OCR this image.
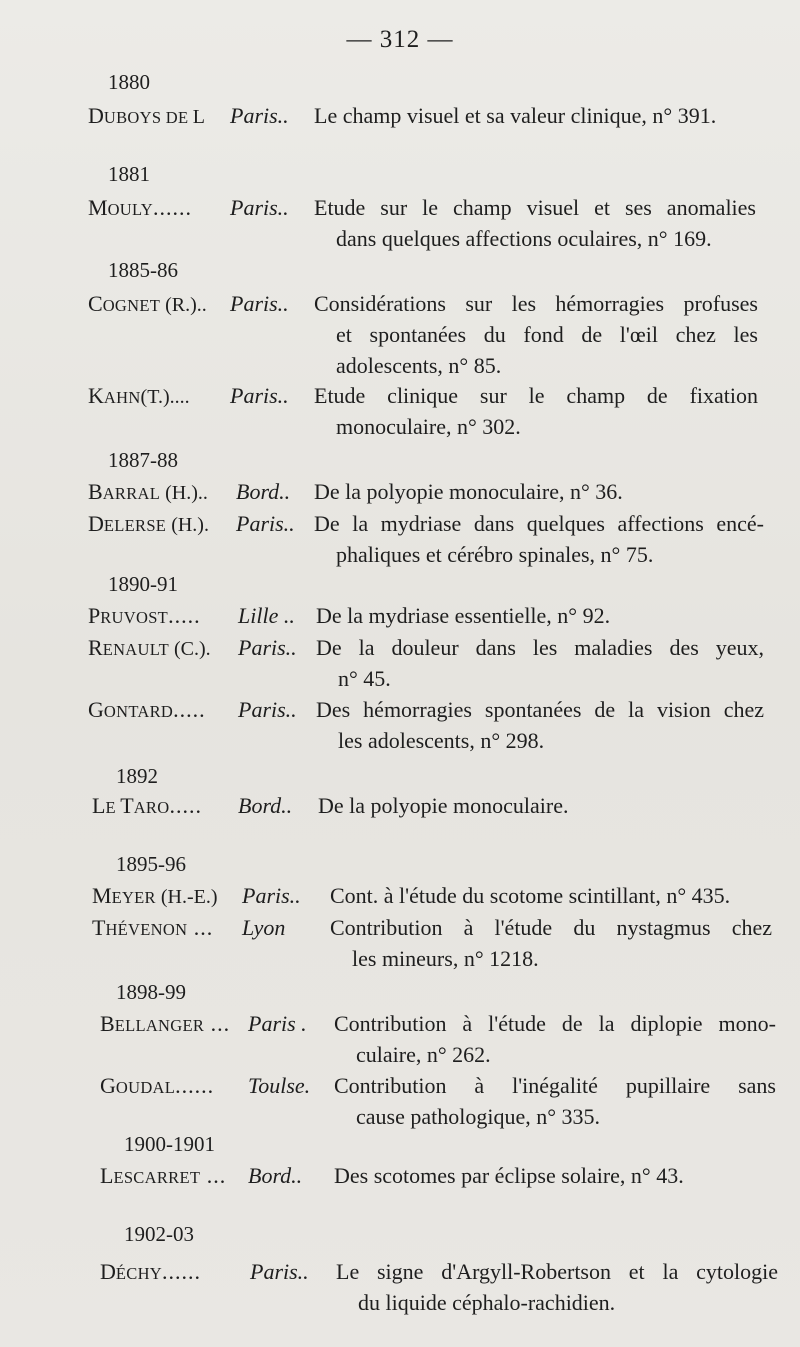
— 312 —
1880
DUBOYS DE L	Paris..	Le champ visuel et sa valeur clinique, n° 391.
1881
MOULY......	Paris..	Etude sur le champ visuel et ses anomalies
dans quelques affections oculaires, n° 169.
1885-86
COGNET (R.)..	Paris..	Considérations sur les hémorragies profuses
et spontanées du fond de l'œil chez les
adolescents, n° 85.
KAHN(T.)....	Paris..	Etude clinique sur le champ de fixation
monoculaire, n° 302.
1887-88
BARRAL (H.)..	Bord..	De la polyopie monoculaire, n° 36.
DELERSE (H.).	Paris.. De la mydriase dans quelques affections encé-
phaliques et cérébro spinales, n° 75.
1890-91
PRUVOST.....	Lille .. De la mydriase essentielle, n° 92.
RENAULT (C.).	Paris.. De la douleur dans les maladies des yeux,
n° 45.
GONTARD.....	Paris.. Des hémorragies spontanées de la vision chez
les adolescents, n° 298.
1892
LE TARO.....	Bord..	De la polyopie monoculaire.
1895-96
MEYER (H.-E.)	Paris..	Cont. à l'étude du scotome scintillant, n° 435.
THÉVENON ...	Lyon	Contribution à l'étude du nystagmus chez
les mineurs, n° 1218.
1898-99
BELLANGER ... Paris .	Contribution à l'étude de la diplopie mono-
culaire, n° 262.
GOUDAL......	Toulse.	Contribution à l'inégalité pupillaire sans
cause pathologique, n° 335.
1900-1901
LESCARRET ... Bord..	Des scotomes par éclipse solaire, n° 43.
1902-03
DÉCHY......	Paris..	Le signe d'Argyll-Robertson et la cytologie
du liquide céphalo-rachidien.
